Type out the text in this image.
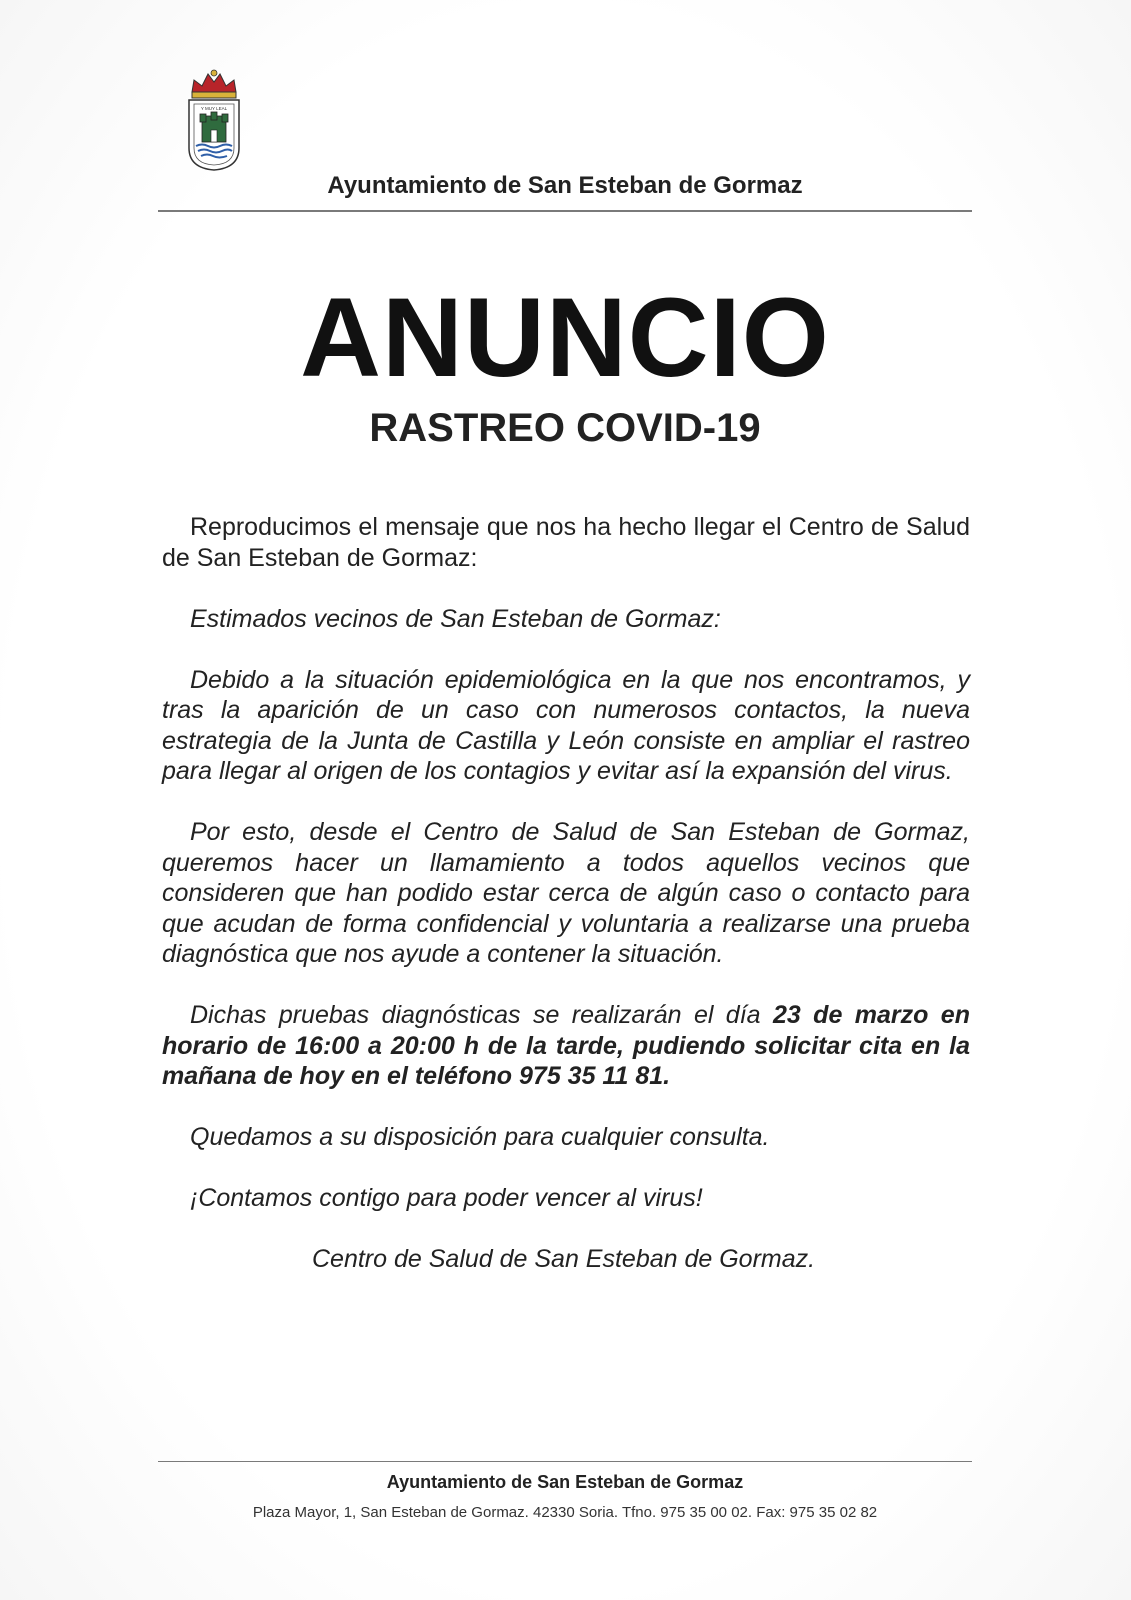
Y MUY LEAL
Ayuntamiento de San Esteban de Gormaz
ANUNCIO
RASTREO COVID-19

Reproducimos el mensaje que nos ha hecho llegar el Centro de Salud de San Esteban de Gormaz:

Estimados vecinos de San Esteban de Gormaz:

Debido a la situación epidemiológica en la que nos encontramos, y tras la aparición de un caso con numerosos contactos, la nueva estrategia de la Junta de Castilla y León consiste en ampliar el rastreo para llegar al origen de los contagios y evitar así la expansión del virus.

Por esto, desde el Centro de Salud de San Esteban de Gormaz, queremos hacer un llamamiento a todos aquellos vecinos que consideren que han podido estar cerca de algún caso o contacto para que acudan de forma confidencial y voluntaria a realizarse una prueba diagnóstica que nos ayude a contener la situación.

Dichas pruebas diagnósticas se realizarán el día 23 de marzo en horario de 16:00 a 20:00 h de la tarde, pudiendo solicitar cita en la mañana de hoy en el teléfono 975 35 11 81.

Quedamos a su disposición para cualquier consulta.

¡Contamos contigo para poder vencer al virus!

Centro de Salud de San Esteban de Gormaz.

Ayuntamiento de San Esteban de Gormaz
Plaza Mayor, 1, San Esteban de Gormaz. 42330 Soria. Tfno. 975 35 00 02. Fax: 975 35 02 82
